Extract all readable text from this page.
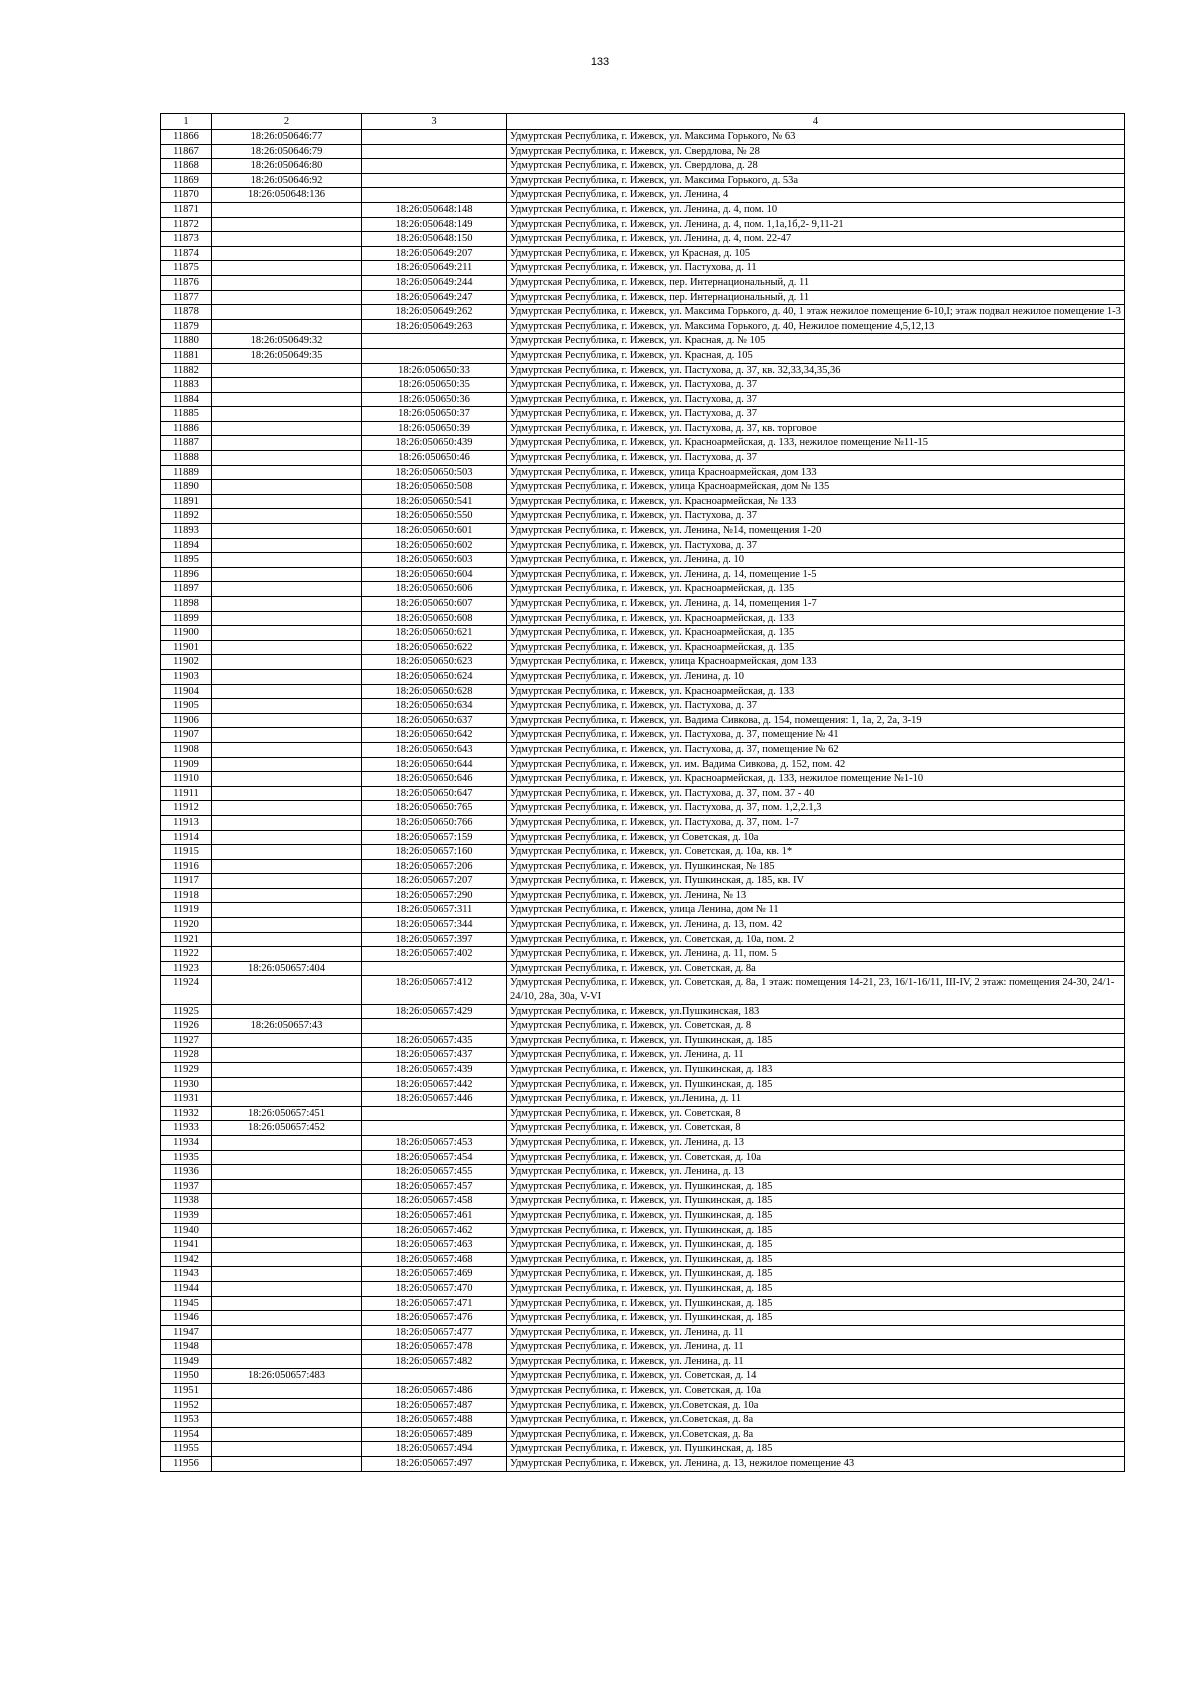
133
1	2	3	4
11866	18:26:050646:77		Удмуртская Республика, г. Ижевск, ул. Максима Горького, № 63
11867	18:26:050646:79		Удмуртская Республика, г. Ижевск, ул. Свердлова, № 28
11868	18:26:050646:80		Удмуртская Республика, г. Ижевск, ул. Свердлова, д. 28
11869	18:26:050646:92		Удмуртская Республика, г. Ижевск, ул. Максима Горького, д. 53а
11870	18:26:050648:136		Удмуртская Республика, г. Ижевск, ул. Ленина, 4
11871		18:26:050648:148	Удмуртская Республика, г. Ижевск, ул. Ленина, д. 4, пом. 10
11872		18:26:050648:149	Удмуртская Республика, г. Ижевск, ул. Ленина, д. 4, пом. 1,1а,1б,2- 9,11-21
11873		18:26:050648:150	Удмуртская Республика, г. Ижевск, ул. Ленина, д. 4, пом. 22-47
11874		18:26:050649:207	Удмуртская Республика, г. Ижевск, ул Красная, д. 105
11875		18:26:050649:211	Удмуртская Республика, г. Ижевск, ул. Пастухова, д. 11
11876		18:26:050649:244	Удмуртская Республика, г. Ижевск, пер. Интернациональный, д. 11
11877		18:26:050649:247	Удмуртская Республика, г. Ижевск, пер. Интернациональный, д. 11
11878		18:26:050649:262	Удмуртская Республика, г. Ижевск, ул. Максима Горького, д. 40, 1 этаж нежилое помещение 6-10,I; этаж подвал нежилое помещение 1-3
11879		18:26:050649:263	Удмуртская Республика, г. Ижевск, ул. Максима Горького, д. 40, Нежилое помещение 4,5,12,13
11880	18:26:050649:32		Удмуртская Республика, г. Ижевск, ул. Красная, д. № 105
11881	18:26:050649:35		Удмуртская Республика, г. Ижевск, ул. Красная, д. 105
11882		18:26:050650:33	Удмуртская Республика, г. Ижевск, ул. Пастухова, д. 37, кв. 32,33,34,35,36
11883		18:26:050650:35	Удмуртская Республика, г. Ижевск, ул. Пастухова, д. 37
11884		18:26:050650:36	Удмуртская Республика, г. Ижевск, ул. Пастухова, д. 37
11885		18:26:050650:37	Удмуртская Республика, г. Ижевск, ул. Пастухова, д. 37
11886		18:26:050650:39	Удмуртская Республика, г. Ижевск, ул. Пастухова, д. 37, кв. торговое
11887		18:26:050650:439	Удмуртская Республика, г. Ижевск, ул. Красноармейская, д. 133, нежилое помещение №11-15
11888		18:26:050650:46	Удмуртская Республика, г. Ижевск, ул. Пастухова, д. 37
11889		18:26:050650:503	Удмуртская Республика, г. Ижевск, улица Красноармейская, дом 133
11890		18:26:050650:508	Удмуртская Республика, г. Ижевск, улица Красноармейская, дом № 135
11891		18:26:050650:541	Удмуртская Республика, г. Ижевск, ул. Красноармейская, № 133
11892		18:26:050650:550	Удмуртская Республика, г. Ижевск, ул. Пастухова, д. 37
11893		18:26:050650:601	Удмуртская Республика, г. Ижевск, ул. Ленина, №14, помещения 1-20
11894		18:26:050650:602	Удмуртская Республика, г. Ижевск, ул. Пастухова, д. 37
11895		18:26:050650:603	Удмуртская Республика, г. Ижевск, ул. Ленина, д. 10
11896		18:26:050650:604	Удмуртская Республика, г. Ижевск, ул. Ленина, д. 14, помещение 1-5
11897		18:26:050650:606	Удмуртская Республика, г. Ижевск, ул. Красноармейская, д. 135
11898		18:26:050650:607	Удмуртская Республика, г. Ижевск, ул. Ленина, д. 14, помещения 1-7
11899		18:26:050650:608	Удмуртская Республика, г. Ижевск, ул. Красноармейская, д. 133
11900		18:26:050650:621	Удмуртская Республика, г. Ижевск, ул. Красноармейская, д. 135
11901		18:26:050650:622	Удмуртская Республика, г. Ижевск, ул. Красноармейская, д. 135
11902		18:26:050650:623	Удмуртская Республика, г. Ижевск, улица Красноармейская, дом 133
11903		18:26:050650:624	Удмуртская Республика, г. Ижевск, ул. Ленина, д. 10
11904		18:26:050650:628	Удмуртская Республика, г. Ижевск, ул. Красноармейская, д. 133
11905		18:26:050650:634	Удмуртская Республика, г. Ижевск, ул. Пастухова, д. 37
11906		18:26:050650:637	Удмуртская Республика, г. Ижевск, ул. Вадима Сивкова, д. 154, помещения: 1, 1а, 2, 2а, 3-19
11907		18:26:050650:642	Удмуртская Республика, г. Ижевск, ул. Пастухова, д. 37, помещение № 41
11908		18:26:050650:643	Удмуртская Республика, г. Ижевск, ул. Пастухова, д. 37, помещение № 62
11909		18:26:050650:644	Удмуртская Республика, г. Ижевск, ул. им. Вадима Сивкова, д. 152, пом. 42
11910		18:26:050650:646	Удмуртская Республика, г. Ижевск, ул. Красноармейская, д. 133, нежилое помещение №1-10
11911		18:26:050650:647	Удмуртская Республика, г. Ижевск, ул. Пастухова, д. 37, пом. 37 - 40
11912		18:26:050650:765	Удмуртская Республика, г. Ижевск, ул. Пастухова, д. 37, пом. 1,2,2.1,3
11913		18:26:050650:766	Удмуртская Республика, г. Ижевск, ул. Пастухова, д. 37, пом. 1-7
11914		18:26:050657:159	Удмуртская Республика, г. Ижевск, ул Советская, д. 10а
11915		18:26:050657:160	Удмуртская Республика, г. Ижевск, ул. Советская, д. 10а, кв. 1*
11916		18:26:050657:206	Удмуртская Республика, г. Ижевск, ул. Пушкинская, № 185
11917		18:26:050657:207	Удмуртская Республика, г. Ижевск, ул. Пушкинская, д. 185, кв. IV
11918		18:26:050657:290	Удмуртская Республика, г. Ижевск, ул. Ленина, № 13
11919		18:26:050657:311	Удмуртская Республика, г. Ижевск, улица Ленина, дом № 11
11920		18:26:050657:344	Удмуртская Республика, г. Ижевск, ул. Ленина, д. 13, пом. 42
11921		18:26:050657:397	Удмуртская Республика, г. Ижевск, ул. Советская, д. 10а, пом. 2
11922		18:26:050657:402	Удмуртская Республика, г. Ижевск, ул. Ленина, д. 11, пом. 5
11923	18:26:050657:404		Удмуртская Республика, г. Ижевск, ул. Советская, д. 8а
11924		18:26:050657:412	Удмуртская Республика, г. Ижевск, ул. Советская, д. 8а, 1 этаж: помещения 14-21, 23, 16/1-16/11, III-IV, 2 этаж: помещения 24-30, 24/1-24/10, 28а, 30а, V-VI
11925		18:26:050657:429	Удмуртская Республика, г. Ижевск, ул.Пушкинская, 183
11926	18:26:050657:43		Удмуртская Республика, г. Ижевск, ул. Советская, д. 8
11927		18:26:050657:435	Удмуртская Республика, г. Ижевск, ул. Пушкинская, д. 185
11928		18:26:050657:437	Удмуртская Республика, г. Ижевск, ул. Ленина, д. 11
11929		18:26:050657:439	Удмуртская Республика, г. Ижевск, ул. Пушкинская, д. 183
11930		18:26:050657:442	Удмуртская Республика, г. Ижевск, ул. Пушкинская, д. 185
11931		18:26:050657:446	Удмуртская Республика, г. Ижевск, ул.Ленина, д. 11
11932	18:26:050657:451		Удмуртская Республика, г. Ижевск, ул. Советская, 8
11933	18:26:050657:452		Удмуртская Республика, г. Ижевск, ул. Советская, 8
11934		18:26:050657:453	Удмуртская Республика, г. Ижевск, ул. Ленина, д. 13
11935		18:26:050657:454	Удмуртская Республика, г. Ижевск, ул. Советская, д. 10а
11936		18:26:050657:455	Удмуртская Республика, г. Ижевск, ул. Ленина, д. 13
11937		18:26:050657:457	Удмуртская Республика, г. Ижевск, ул. Пушкинская, д. 185
11938		18:26:050657:458	Удмуртская Республика, г. Ижевск, ул. Пушкинская, д. 185
11939		18:26:050657:461	Удмуртская Республика, г. Ижевск, ул. Пушкинская, д. 185
11940		18:26:050657:462	Удмуртская Республика, г. Ижевск, ул. Пушкинская, д. 185
11941		18:26:050657:463	Удмуртская Республика, г. Ижевск, ул. Пушкинская, д. 185
11942		18:26:050657:468	Удмуртская Республика, г. Ижевск, ул. Пушкинская, д. 185
11943		18:26:050657:469	Удмуртская Республика, г. Ижевск, ул. Пушкинская, д. 185
11944		18:26:050657:470	Удмуртская Республика, г. Ижевск, ул. Пушкинская, д. 185
11945		18:26:050657:471	Удмуртская Республика, г. Ижевск, ул. Пушкинская, д. 185
11946		18:26:050657:476	Удмуртская Республика, г. Ижевск, ул. Пушкинская, д. 185
11947		18:26:050657:477	Удмуртская Республика, г. Ижевск, ул. Ленина, д. 11
11948		18:26:050657:478	Удмуртская Республика, г. Ижевск, ул. Ленина, д. 11
11949		18:26:050657:482	Удмуртская Республика, г. Ижевск, ул. Ленина, д. 11
11950	18:26:050657:483		Удмуртская Республика, г. Ижевск, ул. Советская, д. 14
11951		18:26:050657:486	Удмуртская Республика, г. Ижевск, ул. Советская, д. 10а
11952		18:26:050657:487	Удмуртская Республика, г. Ижевск, ул.Советская, д. 10а
11953		18:26:050657:488	Удмуртская Республика, г. Ижевск, ул.Советская, д. 8а
11954		18:26:050657:489	Удмуртская Республика, г. Ижевск, ул.Советская, д. 8а
11955		18:26:050657:494	Удмуртская Республика, г. Ижевск, ул. Пушкинская, д. 185
11956		18:26:050657:497	Удмуртская Республика, г. Ижевск, ул. Ленина, д. 13, нежилое помещение 43
